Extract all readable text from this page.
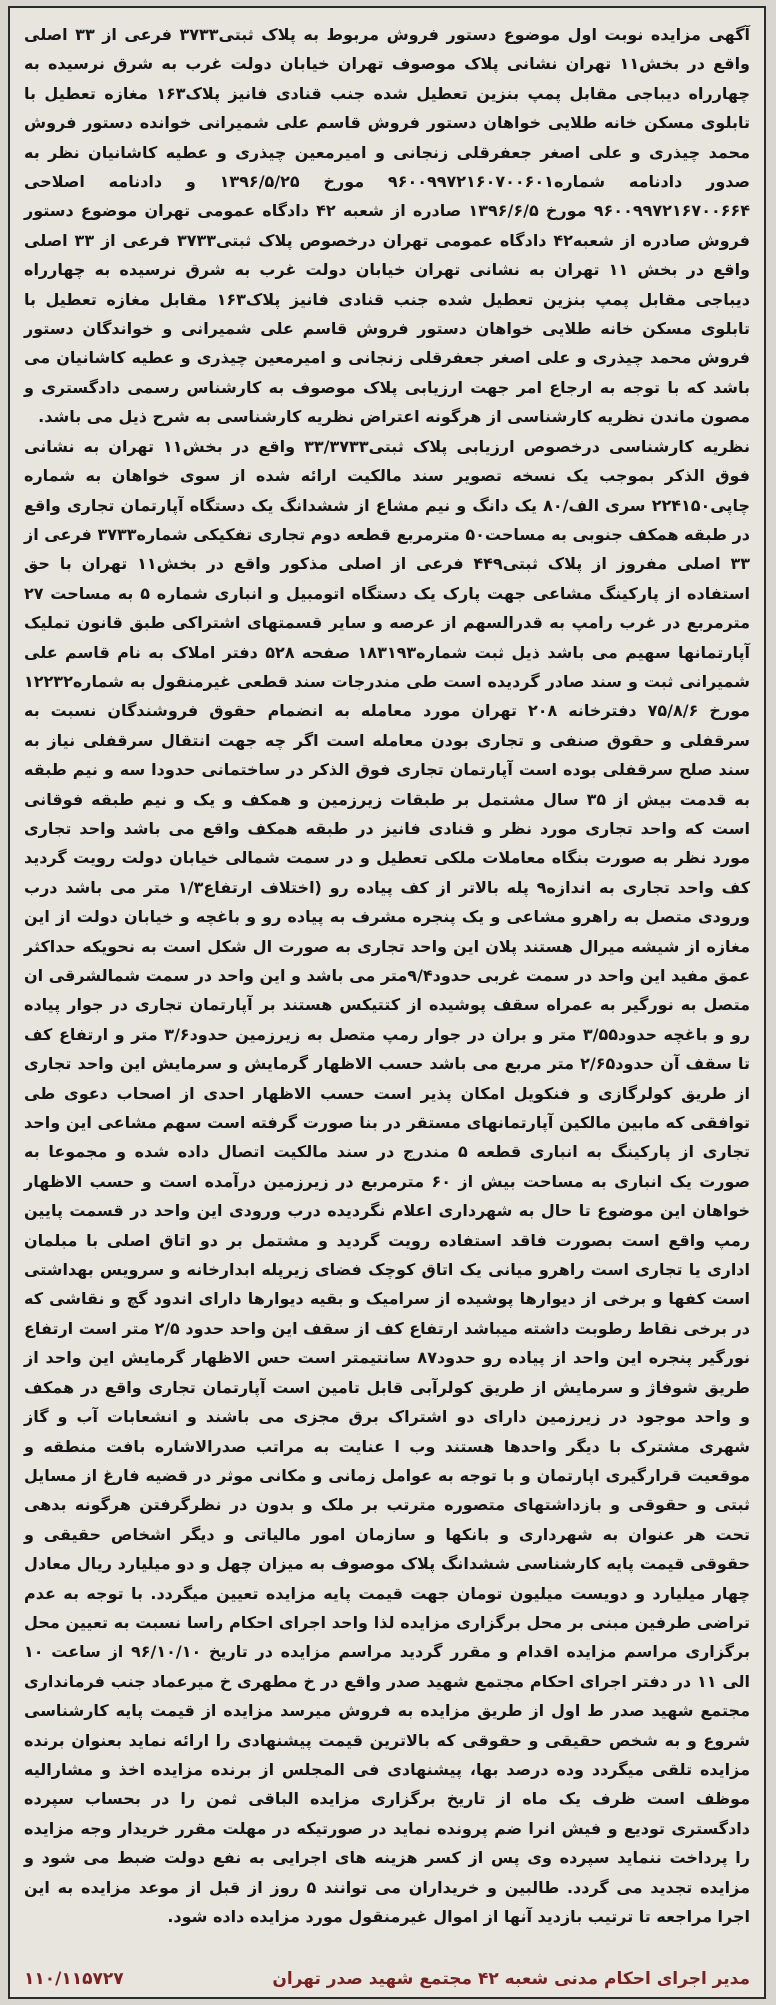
آگهی مزایده نوبت اول موضوع دستور فروش مربوط به پلاک ثبتی۳۷۳۳ فرعی از ۳۳ اصلی واقع در بخش۱۱ تهران نشانی پلاک موصوف تهران خیابان دولت غرب به شرق نرسیده به چهارراه دیباجی مقابل پمپ بنزین تعطیل شده جنب قنادی فانیز پلاک۱۶۳ مغازه تعطیل با تابلوی مسکن خانه طلایی خواهان دستور فروش قاسم علی شمیرانی خوانده دستور فروش محمد چیذری و علی اصغر جعفرقلی زنجانی و امیرمعین چیذری و عطیه کاشانیان نظر به صدور دادنامه شماره۹۶۰۰۹۹۷۲۱۶۰۷۰۰۶۰۱ مورخ ۱۳۹۶/۵/۲۵ و دادنامه اصلاحی ۹۶۰۰۹۹۷۲۱۶۷۰۰۶۶۴ مورخ ۱۳۹۶/۶/۵ صادره از شعبه ۴۲ دادگاه عمومی تهران موضوع دستور فروش صادره از شعبه۴۲ دادگاه عمومی تهران درخصوص پلاک ثبتی۳۷۳۳ فرعی از ۳۳ اصلی واقع در بخش ۱۱ تهران به نشانی تهران خیابان دولت غرب به شرق نرسیده به چهارراه دیباجی مقابل پمپ بنزین تعطیل شده جنب قنادی فانیز پلاک۱۶۳ مقابل مغازه تعطیل با تابلوی مسکن خانه طلایی خواهان دستور فروش قاسم علی شمیرانی و خواندگان دستور فروش محمد چیذری و علی اصغر جعفرقلی زنجانی و امیرمعین چیذری و عطیه کاشانیان می باشد که با توجه به ارجاع امر جهت ارزیابی پلاک موصوف به کارشناس رسمی دادگستری و مصون ماندن نظریه کارشناسی از هرگونه اعتراض نظریه کارشناسی به شرح ذیل می باشد.

نظریه کارشناسی درخصوص ارزیابی پلاک ثبتی۳۳/۳۷۳۳ واقع در بخش۱۱ تهران به نشانی فوق الذکر بموجب یک نسخه تصویر سند مالکیت ارائه شده از سوی خواهان به شماره چاپی۲۲۴۱۵۰ سری الف/۸۰ یک دانگ و نیم مشاع از ششدانگ یک دستگاه آپارتمان تجاری واقع در طبقه همکف جنوبی به مساحت۵۰ مترمربع قطعه دوم تجاری تفکیکی شماره۳۷۳۳ فرعی از ۳۳ اصلی مفروز از پلاک ثبتی۴۴۹ فرعی از اصلی مذکور واقع در بخش۱۱ تهران با حق استفاده از پارکینگ مشاعی جهت پارک یک دستگاه اتومبیل و انباری شماره ۵ به مساحت ۲۷ مترمربع در غرب رامپ به قدرالسهم از عرصه و سایر قسمتهای اشتراکی طبق قانون تملیک آپارتمانها سهیم می باشد ذیل ثبت شماره۱۸۳۱۹۳ صفحه ۵۲۸ دفتر املاک به نام قاسم علی شمیرانی ثبت و سند صادر گردیده است طی مندرجات سند قطعی غیرمنقول به شماره۱۲۲۳۲ مورخ ۷۵/۸/۶ دفترخانه ۲۰۸ تهران مورد معامله به انضمام حقوق فروشندگان نسبت به سرقفلی و حقوق صنفی و تجاری بودن معامله است اگر چه جهت انتقال سرقفلی نیاز به سند صلح سرقفلی بوده است آپارتمان تجاری فوق الذکر در ساختمانی حدودا سه و نیم طبقه به قدمت بیش از ۳۵ سال مشتمل بر طبقات زیرزمین و همکف و یک و نیم طبقه فوقانی است که واحد تجاری مورد نظر و قنادی فانیز در طبقه همکف واقع می باشد واحد تجاری مورد نظر به صورت بنگاه معاملات ملکی تعطیل و در سمت شمالی خیابان دولت رویت گردید کف واحد تجاری به اندازه۹ پله بالاتر از کف پیاده رو (اختلاف ارتفاع۱/۳ متر می باشد درب ورودی متصل به راهرو مشاعی و یک پنجره مشرف به پیاده رو و باغچه و خیابان دولت از این مغازه از شیشه میرال هستند پلان این واحد تجاری به صورت ال شکل است به نحویکه حداکثر عمق مفید این واحد در سمت غربی حدود۹/۴متر می باشد و این واحد در سمت شمالشرقی ان متصل به نورگیر به عمراه سقف پوشیده از کتتیکس هستند بر آپارتمان تجاری در جوار پیاده رو و باغچه حدود۳/۵۵ متر و بران در جوار رمپ متصل به زیرزمین حدود۳/۶ متر و ارتفاع کف تا سقف آن حدود۲/۶۵ متر مربع می باشد حسب الاظهار گرمایش و سرمایش این واحد تجاری از طریق کولرگازی و فنکویل امکان پذیر است حسب الاظهار احدی از اصحاب دعوی طی توافقی که مابین مالکین آپارتمانهای مستقر در بنا صورت گرفته است سهم مشاعی این واحد تجاری از پارکینگ به انباری قطعه ۵ مندرج در سند مالکیت اتصال داده شده و مجموعا به صورت یک انباری به مساحت بیش از ۶۰ مترمربع در زیرزمین درآمده است و حسب الاظهار خواهان این موضوع تا حال به شهرداری اعلام نگردیده درب ورودی این واحد در قسمت پایین رمپ واقع است بصورت فاقد استفاده رویت گردید و مشتمل بر دو اتاق اصلی با مبلمان اداری یا تجاری است راهرو میانی یک اتاق کوچک فضای زیرپله ابدارخانه و سرویس بهداشتی است کفها و برخی از دیوارها پوشیده از سرامیک و بقیه دیوارها دارای اندود گچ و نقاشی که در برخی نقاط رطوبت داشته میباشد ارتفاع کف از سقف این واحد حدود ۲/۵ متر است ارتفاع نورگیر پنجره این واحد از پیاده رو حدود۸۷ سانتیمتر است حس الاظهار گرمایش این واحد از طریق شوفاژ و سرمایش از طریق کولرآبی قابل تامین است آپارتمان تجاری واقع در همکف و واحد موجود در زیرزمین دارای دو اشتراک برق مجزی می باشند و انشعابات آب و گاز شهری مشترک با دیگر واحدها هستند وب ا عنایت به مراتب صدرالاشاره بافت منطقه و موقعیت قرارگیری اپارتمان و با توجه به عوامل زمانی و مکانی موثر در قضیه فارغ از مسایل ثبتی و حقوقی و بازداشتهای متصوره مترتب بر ملک و بدون در نظرگرفتن هرگونه بدهی تحت هر عنوان به شهرداری و بانکها و سازمان امور مالیاتی و دیگر اشخاص حقیقی و حقوقی قیمت پایه کارشناسی ششدانگ پلاک موصوف به میزان چهل و دو میلیارد ریال معادل چهار میلیارد و دویست میلیون تومان جهت قیمت پایه مزایده تعیین میگردد. با توجه به عدم تراضی طرفین مبنی بر محل برگزاری مزایده لذا واحد اجرای احکام راسا نسبت به تعیین محل برگزاری مراسم مزایده اقدام و مقرر گردید مراسم مزایده در تاریخ ۹۶/۱۰/۱۰ از ساعت ۱۰ الی ۱۱ در دفتر اجرای احکام مجتمع شهید صدر واقع در خ مطهری خ میرعماد جنب فرمانداری مجتمع شهید صدر ط اول از طریق مزایده به فروش میرسد مزایده از قیمت پایه کارشناسی شروع و به شخص حقیقی و حقوقی که بالاترین قیمت پیشنهادی را ارائه نماید بعنوان برنده مزایده تلقی میگردد وده درصد بها، پیشنهادی فی المجلس از برنده مزایده اخذ و مشارالیه موظف است ظرف یک ماه از تاریخ برگزاری مزایده الباقی ثمن را در بحساب سپرده دادگستری تودیع و فیش انرا ضم پرونده نماید در صورتیکه در مهلت مقرر خریدار وجه مزایده را پرداخت ننماید سپرده وی پس از کسر هزینه های اجرایی به نفع دولت ضبط می شود و مزایده تجدید می گردد. طالبین و خریداران می توانند ۵ روز از قبل از موعد مزایده به این اجرا مراجعه تا ترتیب بازدید آنها از اموال غیرمنقول مورد مزایده داده شود.

مدیر اجرای احکام مدنی شعبه ۴۲ مجتمع شهید صدر تهران
۱۱۰/۱۱۵۷۲۷
